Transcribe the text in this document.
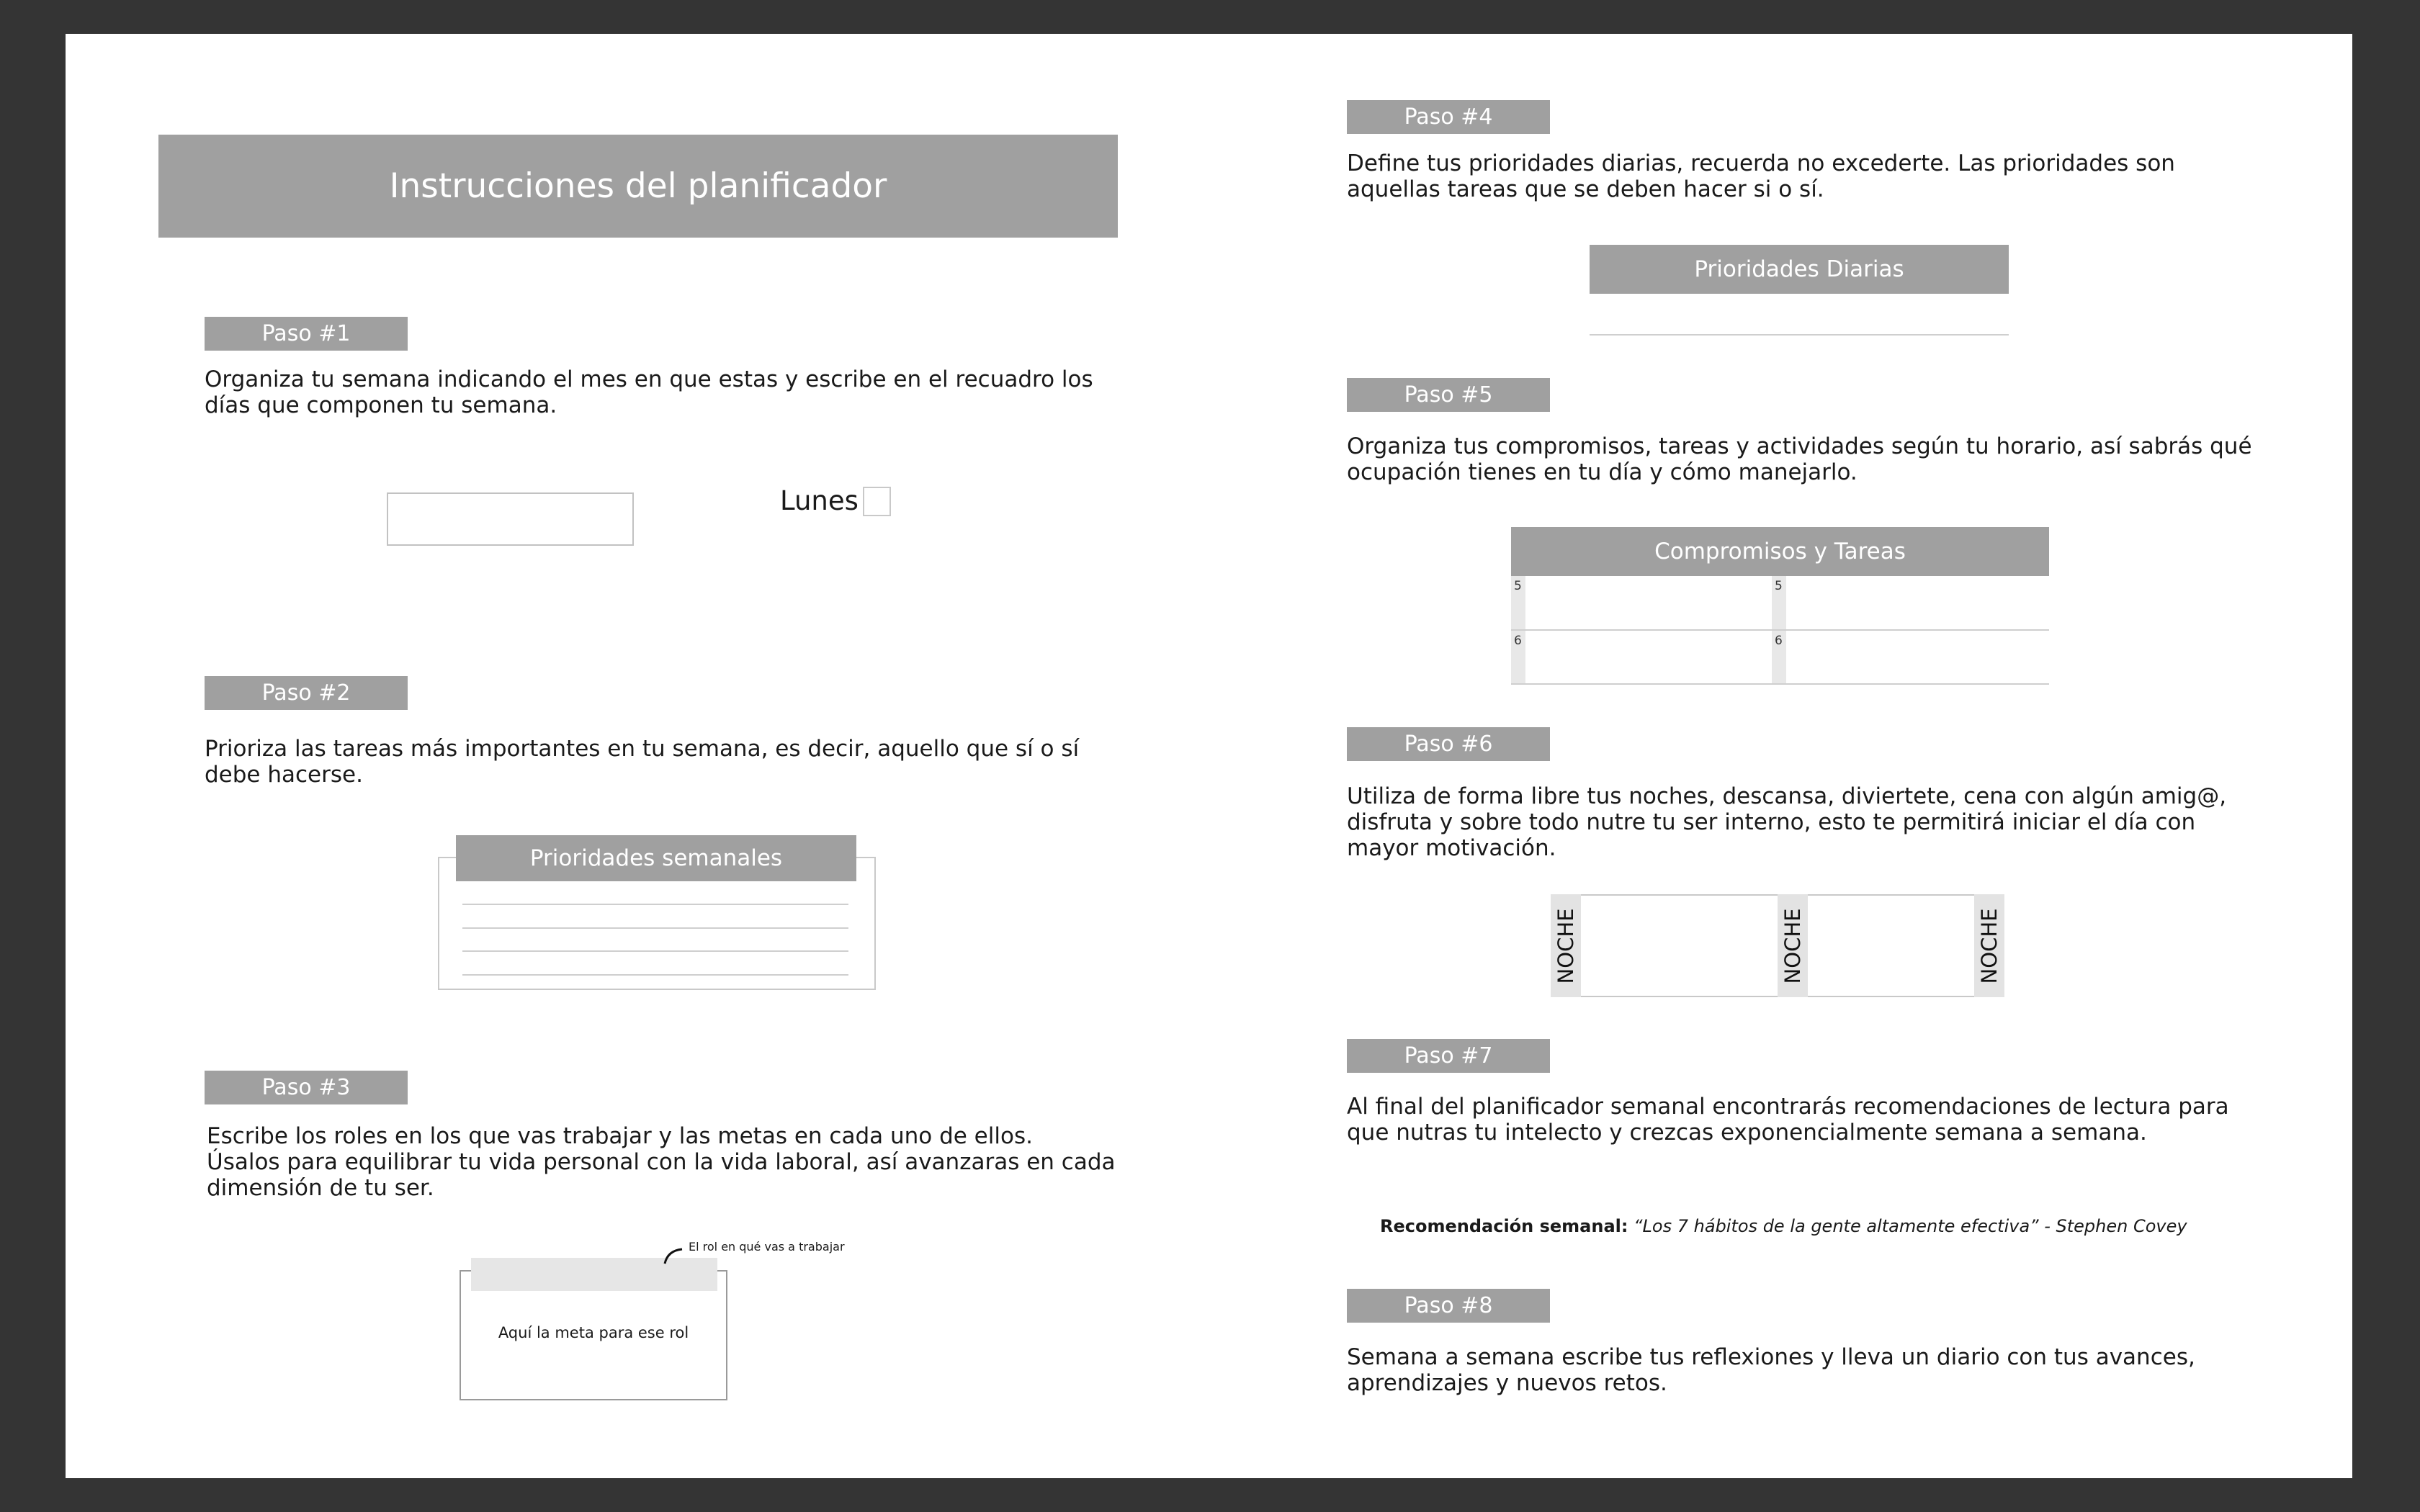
Instrucciones del planificador
Paso #1
Organiza tu semana indicando el mes en que estas y escribe en el recuadro los
días que componen tu semana.
Lunes
Paso #2
Prioriza las tareas más importantes en tu semana, es decir, aquello que sí o sí
debe hacerse.
Prioridades semanales
Paso #3
Escribe los roles en los que vas trabajar y las metas en cada uno de ellos.
Úsalos para equilibrar tu vida personal con la vida laboral, así avanzaras en cada
dimensión de tu ser.
El rol en qué vas a trabajar
Aquí la meta para ese rol
Paso #4
Define tus prioridades diarias, recuerda no excederte. Las prioridades son
aquellas tareas que se deben hacer si o sí.
Prioridades Diarias
Paso #5
Organiza tus compromisos, tareas y actividades según tu horario, así sabrás qué
ocupación tienes en tu día y cómo manejarlo.
Compromisos y Tareas
5	5
6	6
Paso #6
Utiliza de forma libre tus noches, descansa, diviertete, cena con algún amig@,
disfruta y sobre todo nutre tu ser interno, esto te permitirá iniciar el día con
mayor motivación.
NOCHE	NOCHE	NOCHE
Paso #7
Al final del planificador semanal encontrarás recomendaciones de lectura para
que nutras tu intelecto y crezcas exponencialmente semana a semana.
Recomendación semanal: “Los 7 hábitos de la gente altamente efectiva” - Stephen Covey
Paso #8
Semana a semana escribe tus reflexiones y lleva un diario con tus avances,
aprendizajes y nuevos retos.
